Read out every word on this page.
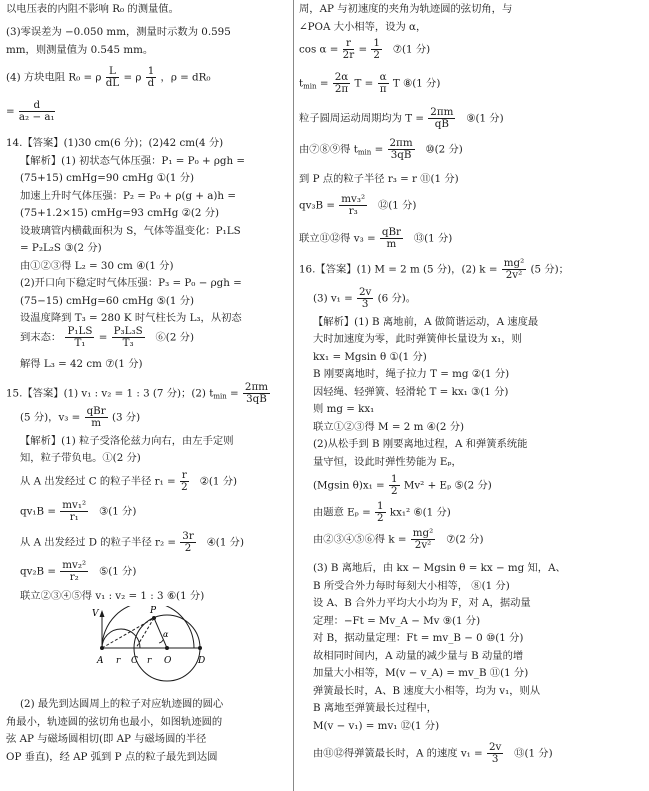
以电压表的内阻不影响 R₀ 的测量值。
(3)零误差为 −0.050 mm，测量时示数为 0.595
mm，则测量值为 0.545 mm。
(4) 方块电阻 R₀ = ρ $\frac{L}{dL} = \rho \frac{1}{d}$ ，ρ = dR₀
= $\frac{d}{\text{a₂ − a₁}}$
14.【答案】(1)30 cm(6 分)；(2)42 cm(4 分)
【解析】(1) 初状态气体压强：P₁ = P₀ + ρgh =
(75+15) cmHg=90 cmHg ①(1 分)
加速上升时气体压强：P₂ = P₀ + ρ(g + a)h =
(75+1.2×15) cmHg=93 cmHg ②(2 分)
设玻璃管内横截面积为 S，气体等温变化：P₁LS
= P₂L₂S ③(2 分)
由①②③得 L₂ = 30 cm ④(1 分)
(2)开口向下稳定时气体压强：P₃ = P₀ − ρgh =
(75−15) cmHg=60 cmHg ⑤(1 分)
设温度降到 T₃ = 280 K 时气柱长为 L₃，从初态
到末态： $\frac{\text{P₁LS}}{\text{T₁}} = \frac{\text{P₃L₃S}}{\text{T₃}}$ ⑥(2 分)
解得 L₃ = 42 cm ⑦(1 分)
15.【答案】(1) v₁ : v₂ = 1 : 3 (7 分)；(2) $t_{min} = \frac{2\pi m}{3qB}$
(5 分)，v₃ =
qBr
m	(3 分)
【解析】(1) 粒子受洛伦兹力向右，由左手定则
知，粒子带负电。①(2 分)
从 A 出发经过 C 的粒子半径 $r_1 = \frac{r}{2}$ ②(1 分)
$qv_1B = \frac{\text{mv₁²}}{\text{r₁}}$ ③(1 分)
从 A 出发经过 D 的粒子半径 $r_2 = \frac{3r}{2}$ ④(1 分)
$qv_2B = \frac{\text{mv₂²}}{\text{r₂}}$ ⑤(1 分)
联立②③④⑤得 v₁ : v₂ = 1 : 3 ⑥(1 分)
V	P
α
A r C r O	D
(2) 最先到达圆周上的粒子对应轨迹圆的圆心
角最小，轨迹圆的弦切角也最小，如图轨迹圆的
弦 AP 与磁场圆相切(即 AP 与磁场圆的半径
OP 垂直)，经 AP 弧到 P 点的粒子最先到达圆
周，AP 与初速度的夹角为轨迹圆的弦切角，与
∠POA 大小相等，设为 α，
$\cos \alpha = \frac{r}{2r} = \frac{1}{2}$ ⑦(1 分)
$t_{min} = \frac{2\alpha}{2\pi}$ $T = \frac{\alpha}{\pi}$ T ⑧(1 分)
粒子圆周运动周期均为 $T = \frac{2\pi m}{qB}$ ⑨(1 分)
由⑦⑧⑨得 $t_{min} = \frac{2\pi m}{3qB}$ ⑩(2 分)
到 P 点的粒子半径 r₃ = r ⑪(1 分)
$qv_3B = \frac{\text{mv₃²}}{\text{r₃}}$ ⑫(1 分)
联立⑪⑫得 v₃ =
qBr
m	⑬(1 分)
16.【答案】(1) M = 2 m (5 分)，(2) $k = \frac{\text{mg²}}{\text{2v²}} (5$ 分)；
(3) $v_1 = \frac{2v}{3} (6$ 分)。
【解析】(1) B 离地前，A 做简谐运动，A 速度最
大时加速度为零，此时弹簧伸长量设为 x₁，则
kx₁ = Mgsin θ ①(1 分)
B 刚要离地时，绳子拉力 T = mg ②(1 分)
因轻绳、轻弹簧、轻滑轮 T = kx₁ ③(1 分)
则 mg = kx₁
联立①②③得 M = 2 m ④(2 分)
(2)从松手到 B 刚要离地过程，A 和弹簧系统能
量守恒，设此时弹性势能为 Eₚ，
(Mgsin $\theta)x_1 = \frac{1}{2} Mv^2 + E_p$ ⑤(2 分)
由题意 $E_p = \frac{1}{2} kx_1^2$ ⑥(1 分)
由②③④⑤⑥得 $k = \frac{\text{mg²}}{\text{2v²}}$ ⑦(2 分)
(3) B 离地后，由 kx − Mgsin θ = kx − mg 知，A、
B 所受合外力每时每刻大小相等， ⑧(1 分)
设 A、B 合外力平均大小均为 F，对 A，据动量
定理：−Ft = Mv_A − Mv ⑨(1 分)
对 B，据动量定理：Ft = mv_B − 0 ⑩(1 分)
故相同时间内，A 动量的减少量与 B 动量的增
加量大小相等，M(v − v_A) = mv_B ⑪(1 分)
弹簧最长时，A、B 速度大小相等，均为 v₁，则从
B 离地至弹簧最长过程中，
M(v − v₁) = mv₁ ⑫(1 分)
由⑪⑫得弹簧最长时，A 的速度 $v_1 = \frac{2v}{3}$ ⑬(1 分)
